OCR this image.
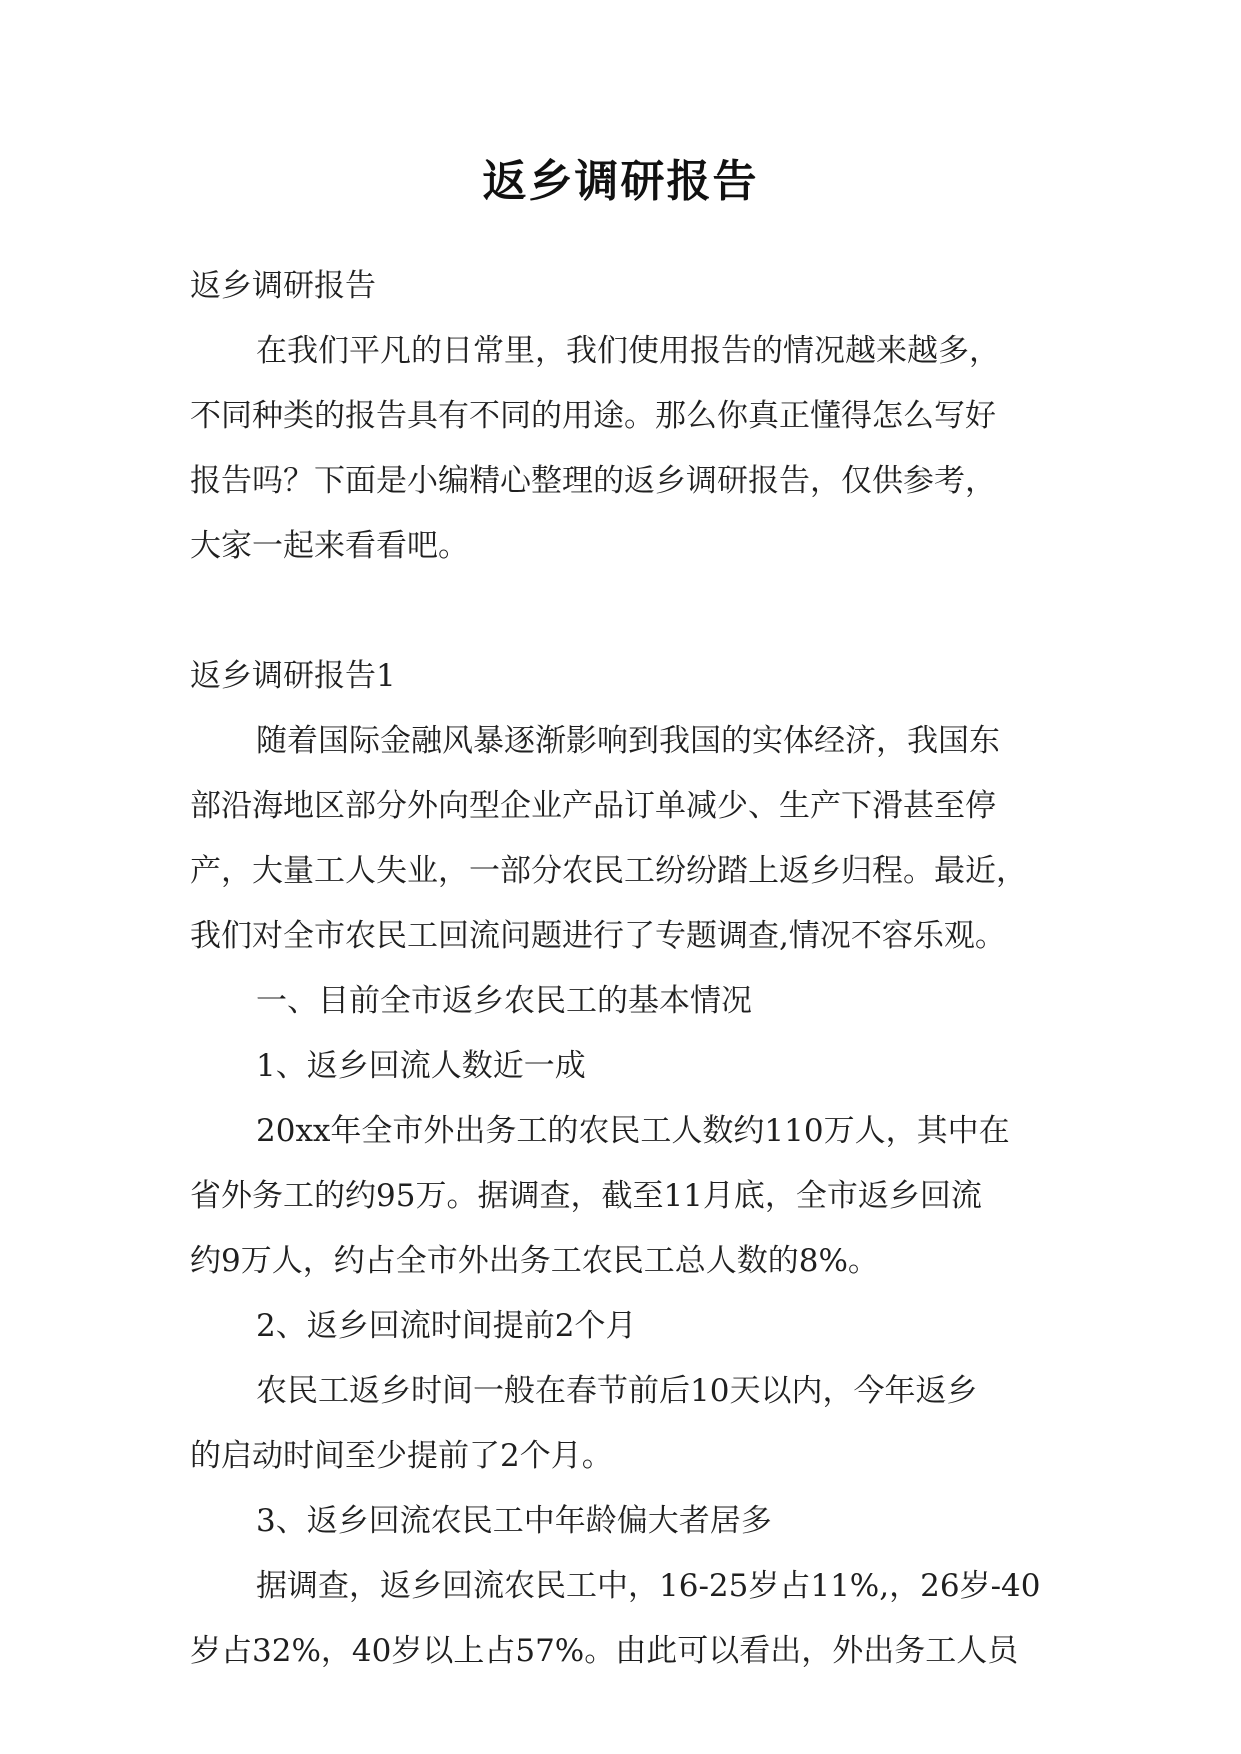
返乡调研报告
返乡调研报告
在我们平凡的日常里，我们使用报告的情况越来越多，
不同种类的报告具有不同的用途。那么你真正懂得怎么写好
报告吗？下面是小编精心整理的返乡调研报告，仅供参考，
大家一起来看看吧。
返乡调研报告1
随着国际金融风暴逐渐影响到我国的实体经济，我国东
部沿海地区部分外向型企业产品订单减少、生产下滑甚至停
产，大量工人失业，一部分农民工纷纷踏上返乡归程。最近，
我们对全市农民工回流问题进行了专题调查,情况不容乐观。
一、目前全市返乡农民工的基本情况
1、返乡回流人数近一成
20xx年全市外出务工的农民工人数约110万人，其中在
省外务工的约95万。据调查，截至11月底，全市返乡回流
约9万人，约占全市外出务工农民工总人数的8%。
2、返乡回流时间提前2个月
农民工返乡时间一般在春节前后10天以内，今年返乡
的启动时间至少提前了2个月。
3、返乡回流农民工中年龄偏大者居多
据调查，返乡回流农民工中，16-25岁占11%,，26岁-40
岁占32%，40岁以上占57%。由此可以看出，外出务工人员
